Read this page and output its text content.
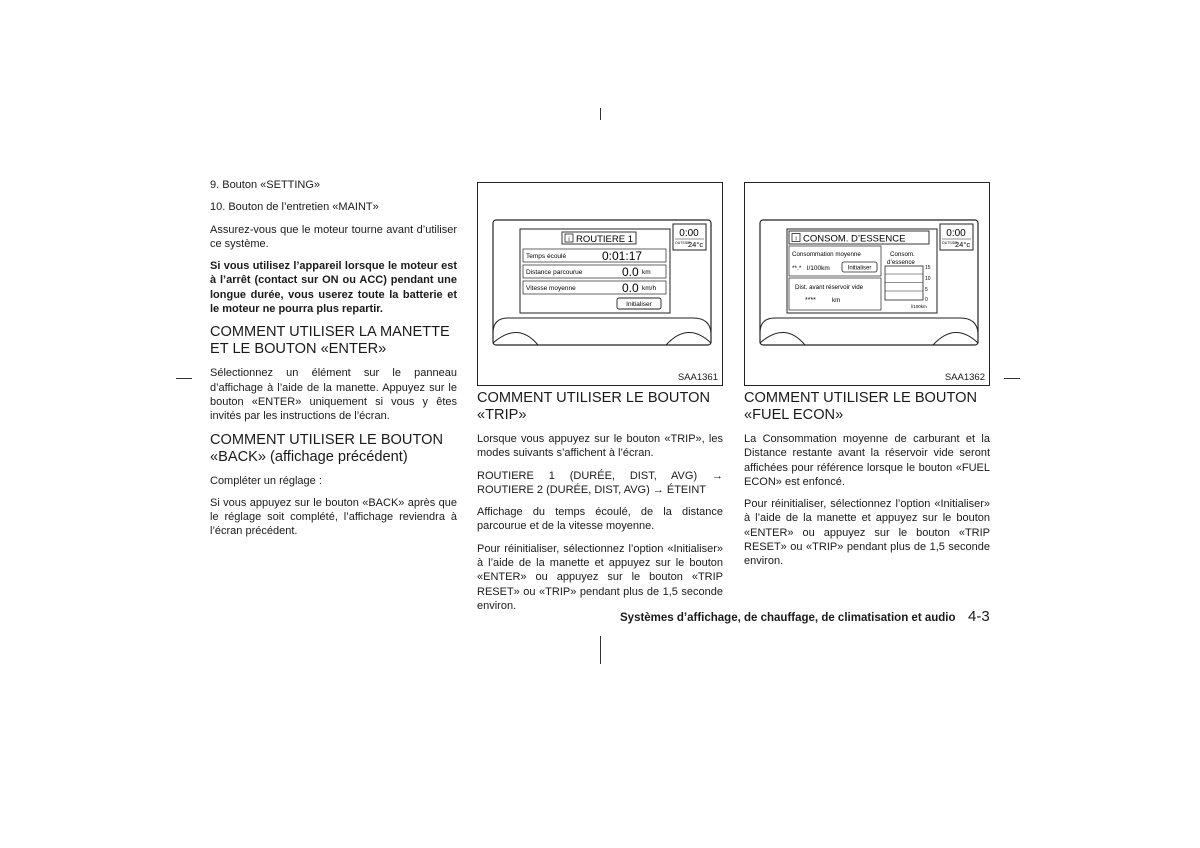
9. Bouton «SETTING»

10. Bouton de l’entretien «MAINT»

Assurez-vous que le moteur tourne avant d’utiliser ce système.

Si vous utilisez l’appareil lorsque le moteur est à l’arrêt (contact sur ON ou ACC) pendant une longue durée, vous userez toute la batterie et le moteur ne pourra plus repartir.

COMMENT UTILISER LA MANETTE ET LE BOUTON «ENTER»

Sélectionnez un élément sur le panneau d’affichage à l’aide de la manette. Appuyez sur le bouton «ENTER» uniquement si vous y êtes invités par les instructions de l’écran.

COMMENT UTILISER LE BOUTON «BACK» (affichage précédent)

Compléter un réglage :

Si vous appuyez sur le bouton «BACK» après que le réglage soit complété, l’affichage reviendra à l’écran précédent.

i ROUTIERE 1
Temps écoulé	0:01:17
Distance parcourue	0.0 km
Vitesse moyenne	0.0 km/h
Initialiser
0:00
OUTSIDE
24°c
SAA1361
i CONSOM. D’ESSENCE
Consommation moyenne
**.* l/100km	Initialiser
Dist. avant réservoir vide
****	km
Consom.
d’essence
15
10
5
0
l/100km
0:00
OUTSIDE
24°c
SAA1362
COMMENT UTILISER LE BOUTON «TRIP»

Lorsque vous appuyez sur le bouton «TRIP», les modes suivants s’affichent à l’écran.

ROUTIERE 1 (DURÉE, DIST, AVG) → ROUTIERE 2 (DURÉE, DIST, AVG) → ÉTEINT

Affichage du temps écoulé, de la distance parcourue et de la vitesse moyenne.

Pour réinitialiser, sélectionnez l’option «Initialiser» à l’aide de la manette et appuyez sur le bouton «ENTER» ou appuyez sur le bouton «TRIP RESET» ou «TRIP» pendant plus de 1,5 seconde environ.

COMMENT UTILISER LE BOUTON «FUEL ECON»

La Consommation moyenne de carburant et la Distance restante avant la réservoir vide seront affichées pour référence lorsque le bouton «FUEL ECON» est enfoncé.

Pour réinitialiser, sélectionnez l’option «Initialiser» à l’aide de la manette et appuyez sur le bouton «ENTER» ou appuyez sur le bouton «TRIP RESET» ou «TRIP» pendant plus de 1,5 seconde environ.

Systèmes d’affichage, de chauffage, de climatisation et audio 4-3
